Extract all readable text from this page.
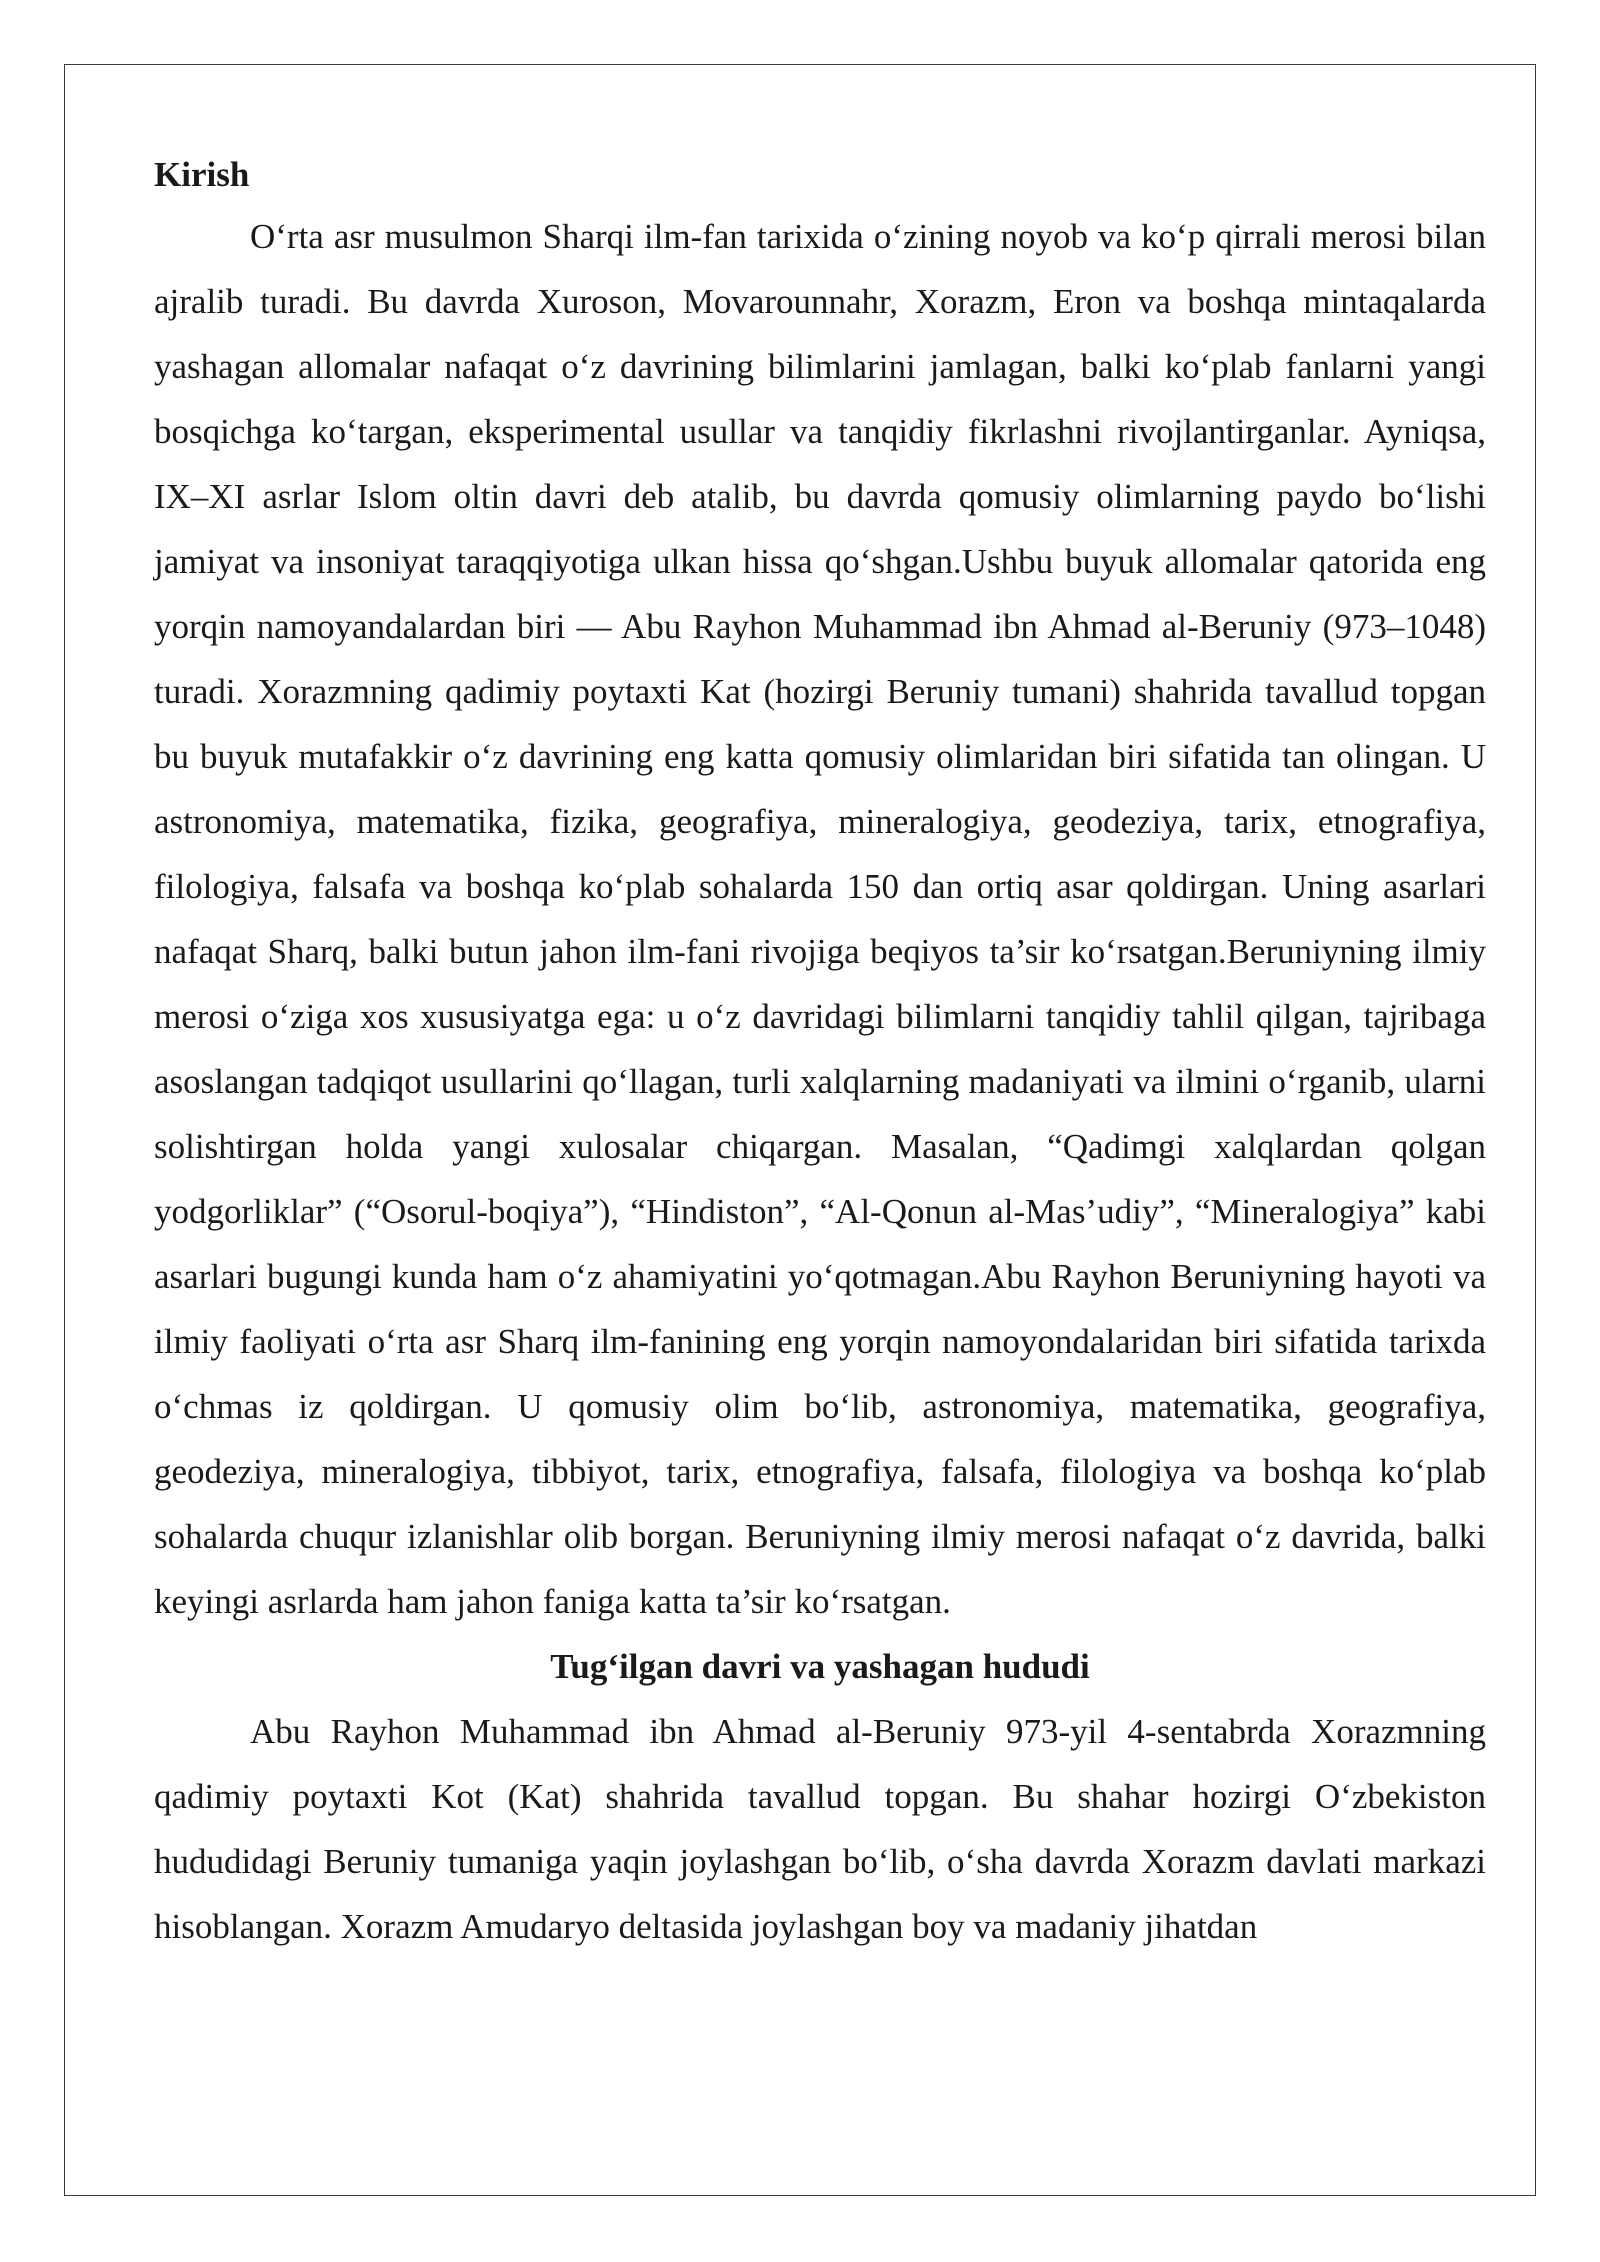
Kirish

O‘rta asr musulmon Sharqi ilm-fan tarixida o‘zining noyob va ko‘p qirrali merosi bilan ajralib turadi. Bu davrda Xuroson, Movarounnahr, Xorazm, Eron va boshqa mintaqalarda yashagan allomalar nafaqat o‘z davrining bilimlarini jamlagan, balki ko‘plab fanlarni yangi bosqichga ko‘targan, eksperimental usullar va tanqidiy fikrlashni rivojlantirganlar. Ayniqsa, IX–XI asrlar Islom oltin davri deb atalib, bu davrda qomusiy olimlarning paydo bo‘lishi jamiyat va insoniyat taraqqiyotiga ulkan hissa qo‘shgan.Ushbu buyuk allomalar qatorida eng yorqin namoyandalardan biri — Abu Rayhon Muhammad ibn Ahmad al-Beruniy (973–1048) turadi. Xorazmning qadimiy poytaxti Kat (hozirgi Beruniy tumani) shahrida tavallud topgan bu buyuk mutafakkir o‘z davrining eng katta qomusiy olimlaridan biri sifatida tan olingan. U astronomiya, matematika, fizika, geografiya, mineralogiya, geodeziya, tarix, etnografiya, filologiya, falsafa va boshqa ko‘plab sohalarda 150 dan ortiq asar qoldirgan. Uning asarlari nafaqat Sharq, balki butun jahon ilm-fani rivojiga beqiyos ta’sir ko‘rsatgan.Beruniyning ilmiy merosi o‘ziga xos xususiyatga ega: u o‘z davridagi bilimlarni tanqidiy tahlil qilgan, tajribaga asoslangan tadqiqot usullarini qo‘llagan, turli xalqlarning madaniyati va ilmini o‘rganib, ularni solishtirgan holda yangi xulosalar chiqargan. Masalan, “Qadimgi xalqlardan qolgan yodgorliklar” (“Osorul-boqiya”), “Hindiston”, “Al-Qonun al-Mas’udiy”, “Mineralogiya” kabi asarlari bugungi kunda ham o‘z ahamiyatini yo‘qotmagan.Abu Rayhon Beruniyning hayoti va ilmiy faoliyati o‘rta asr Sharq ilm-fanining eng yorqin namoyondalaridan biri sifatida tarixda o‘chmas iz qoldirgan. U qomusiy olim bo‘lib, astronomiya, matematika, geografiya, geodeziya, mineralogiya, tibbiyot, tarix, etnografiya, falsafa, filologiya va boshqa ko‘plab sohalarda chuqur izlanishlar olib borgan. Beruniyning ilmiy merosi nafaqat o‘z davrida, balki keyingi asrlarda ham jahon faniga katta ta’sir ko‘rsatgan.

Tug‘ilgan davri va yashagan hududi

Abu Rayhon Muhammad ibn Ahmad al-Beruniy 973-yil 4-sentabrda Xorazmning qadimiy poytaxti Kot (Kat) shahrida tavallud topgan. Bu shahar hozirgi O‘zbekiston hududidagi Beruniy tumaniga yaqin joylashgan bo‘lib, o‘sha davrda Xorazm davlati markazi hisoblangan. Xorazm Amudaryo deltasida joylashgan boy va madaniy jihatdan
